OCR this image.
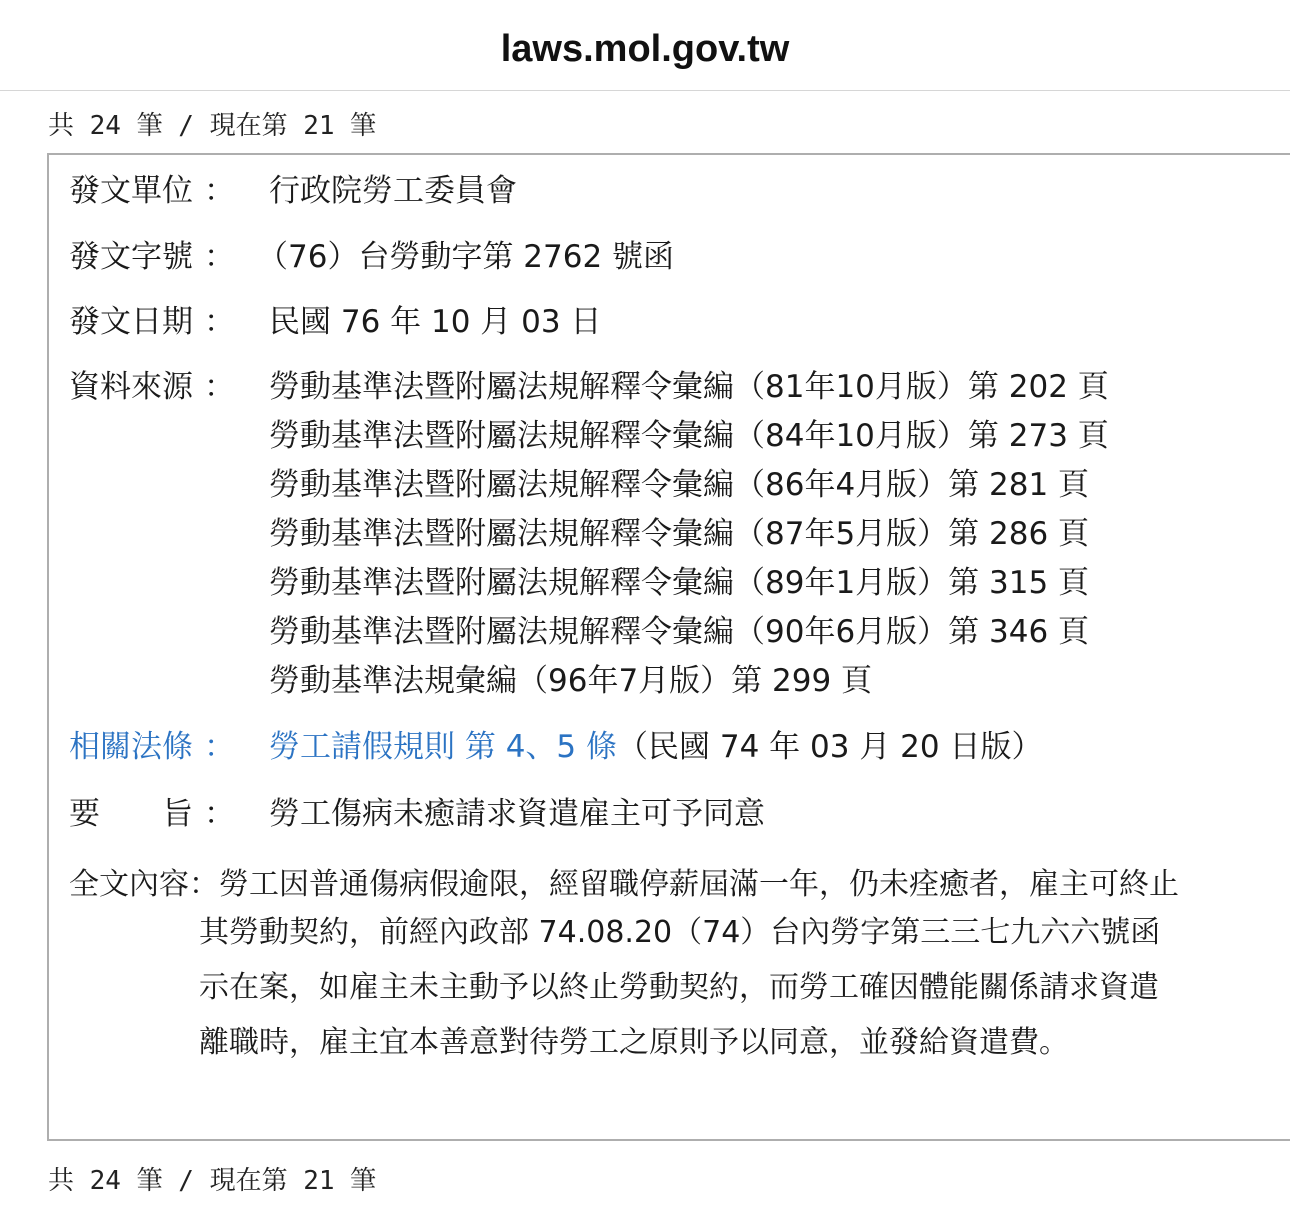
laws.mol.gov.tw
共 24 筆 / 現在第 21 筆
發文單位 ： 行政院勞工委員會
發文字號 ： （76）台勞動字第 2762 號函
發文日期 ： 民國 76 年 10 月 03 日
資料來源 ： 勞動基準法暨附屬法規解釋令彙編（81年10月版）第 202 頁
勞動基準法暨附屬法規解釋令彙編（84年10月版）第 273 頁
勞動基準法暨附屬法規解釋令彙編（86年4月版）第 281 頁
勞動基準法暨附屬法規解釋令彙編（87年5月版）第 286 頁
勞動基準法暨附屬法規解釋令彙編（89年1月版）第 315 頁
勞動基準法暨附屬法規解釋令彙編（90年6月版）第 346 頁
勞動基準法規彙編（96年7月版）第 299 頁
相關法條 ： 勞工請假規則 第 4、5 條（民國 74 年 03 月 20 日版）
要　　旨 ： 勞工傷病未癒請求資遣雇主可予同意
全文內容：勞工因普通傷病假逾限，經留職停薪屆滿一年，仍未痊癒者，雇主可終止
其勞動契約，前經內政部 74.08.20（74）台內勞字第三三七九六六號函
示在案，如雇主未主動予以終止勞動契約，而勞工確因體能關係請求資遣
離職時，雇主宜本善意對待勞工之原則予以同意，並發給資遣費。
共 24 筆 / 現在第 21 筆
